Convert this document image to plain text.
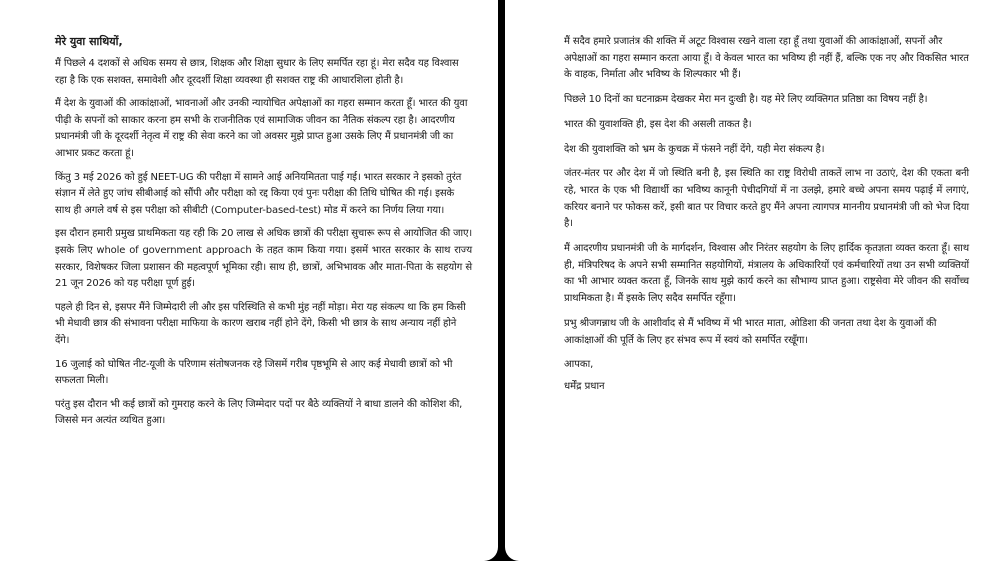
मेरे युवा साथियों,

मैं पिछले 4 दशकों से अधिक समय से छात्र, शिक्षक और शिक्षा सुधार के लिए समर्पित रहा हूं। मेरा सदैव यह विश्वास रहा है कि एक सशक्त, समावेशी और दूरदर्शी शिक्षा व्यवस्था ही सशक्त राष्ट्र की आधारशिला होती है।

मैं देश के युवाओं की आकांक्षाओं, भावनाओं और उनकी न्यायोचित अपेक्षाओं का गहरा सम्मान करता हूँ। भारत की युवा पीढ़ी के सपनों को साकार करना हम सभी के राजनीतिक एवं सामाजिक जीवन का नैतिक संकल्प रहा है। आदरणीय प्रधानमंत्री जी के दूरदर्शी नेतृत्व में राष्ट्र की सेवा करने का जो अवसर मुझे प्राप्त हुआ उसके लिए मैं प्रधानमंत्री जी का आभार प्रकट करता हूं।

किंतु 3 मई 2026 को हुई NEET-UG की परीक्षा में सामने आई अनियमितता पाई गई। भारत सरकार ने इसको तुरंत संज्ञान में लेते हुए जांच सीबीआई को सौंपी और परीक्षा को रद्द किया एवं पुनः परीक्षा की तिथि घोषित की गई। इसके साथ ही अगले वर्ष से इस परीक्षा को सीबीटी (Computer-based-test) मोड में करने का निर्णय लिया गया।

इस दौरान हमारी प्रमुख प्राथमिकता यह रही कि 20 लाख से अधिक छात्रों की परीक्षा सुचारू रूप से आयोजित की जाए। इसके लिए whole of government approach के तहत काम किया गया। इसमें भारत सरकार के साथ राज्य सरकार, विशेषकर जिला प्रशासन की महत्वपूर्ण भूमिका रही। साथ ही, छात्रों, अभिभावक और माता-पिता के सहयोग से 21 जून 2026 को यह परीक्षा पूर्ण हुई।

पहले ही दिन से, इसपर मैंने जिम्मेदारी ली और इस परिस्थिति से कभी मुंह नहीं मोड़ा। मेरा यह संकल्प था कि हम किसी भी मेधावी छात्र की संभावना परीक्षा माफिया के कारण खराब नहीं होने देंगे, किसी भी छात्र के साथ अन्याय नहीं होने देंगे।

16 जुलाई को घोषित नीट-यूजी के परिणाम संतोषजनक रहे जिसमें गरीब पृष्ठभूमि से आए कई मेधावी छात्रों को भी सफलता मिली।

परंतु इस दौरान भी कई छात्रों को गुमराह करने के लिए जिम्मेदार पदों पर बैठे व्यक्तियों ने बाधा डालने की कोशिश की, जिससे मन अत्यंत व्यथित हुआ।

मैं सदैव हमारे प्रजातंत्र की शक्ति में अटूट विश्वास रखने वाला रहा हूँ तथा युवाओं की आकांक्षाओं, सपनों और अपेक्षाओं का गहरा सम्मान करता आया हूँ। वे केवल भारत का भविष्य ही नहीं हैं, बल्कि एक नए और विकसित भारत के वाहक, निर्माता और भविष्य के शिल्पकार भी हैं।

पिछले 10 दिनों का घटनाक्रम देखकर मेरा मन दुःखी है। यह मेरे लिए व्यक्तिगत प्रतिष्ठा का विषय नहीं है।

भारत की युवाशक्ति ही, इस देश की असली ताकत है।

देश की युवाशक्ति को भ्रम के कुचक्र में फंसने नहीं देंगे, यही मेरा संकल्प है।

जंतर-मंतर पर और देश में जो स्थिति बनी है, इस स्थिति का राष्ट्र विरोधी ताकतें लाभ ना उठाएं, देश की एकता बनी रहे, भारत के एक भी विद्यार्थी का भविष्य कानूनी पेचीदगियों में ना उलझे, हमारे बच्चे अपना समय पढ़ाई में लगाएं, करियर बनाने पर फोकस करें, इसी बात पर विचार करते हुए मैंने अपना त्यागपत्र माननीय प्रधानमंत्री जी को भेज दिया है।

मैं आदरणीय प्रधानमंत्री जी के मार्गदर्शन, विश्वास और निरंतर सहयोग के लिए हार्दिक कृतज्ञता व्यक्त करता हूँ। साथ ही, मंत्रिपरिषद के अपने सभी सम्मानित सहयोगियों, मंत्रालय के अधिकारियों एवं कर्मचारियों तथा उन सभी व्यक्तियों का भी आभार व्यक्त करता हूँ, जिनके साथ मुझे कार्य करने का सौभाग्य प्राप्त हुआ। राष्ट्रसेवा मेरे जीवन की सर्वोच्च प्राथमिकता है। मैं इसके लिए सदैव समर्पित रहूँगा।

प्रभु श्रीजगन्नाथ जी के आशीर्वाद से मैं भविष्य में भी भारत माता, ओडिशा की जनता तथा देश के युवाओं की आकांक्षाओं की पूर्ति के लिए हर संभव रूप में स्वयं को समर्पित रखूँगा।

आपका,
धर्मेंद्र प्रधान
